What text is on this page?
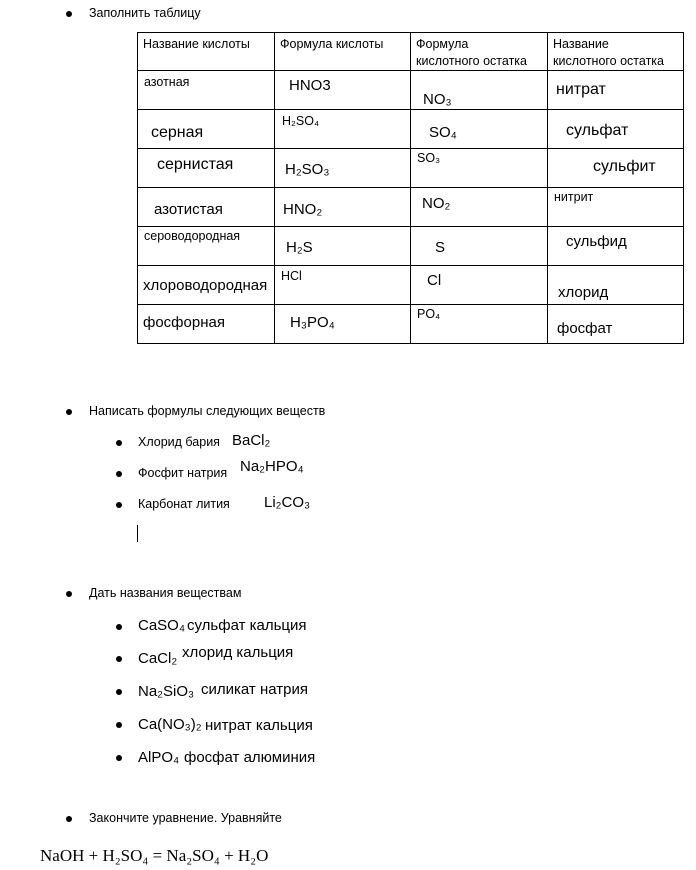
Заполнить таблицу
Название кислоты	Формула кислоты	Формула
кислотного остатка	Название
кислотного остатка

азотная	HNO3	NO₃	нитрат

серная	H₂SO₄	SO₄	сульфат

сернистая	H₂SO₃	SO₃	сульфит

азотистая	HNO₂	NO₂	нитрит

сероводородная	H₂S	S	сульфид

хлороводородная	HCl	Cl	хлорид

фосфорная	H₃PO₄	PO₄	фосфат
Написать формулы следующих веществ
Хлорид бария BaCl₂
Фосфит натрия Na₂HPO₄
Карбонат лития Li₂CO₃
Дать названия веществам
CaSO₄ сульфат кальция
CaCl₂ хлорид кальция
Na₂SiO₃ силикат натрия
Ca(NO₃)₂ нитрат кальция
AlPO₄ фосфат алюминия
Закончите уравнение. Уравняйте
NaOH + H₂SO₄ = Na₂SO₄ + H₂O
